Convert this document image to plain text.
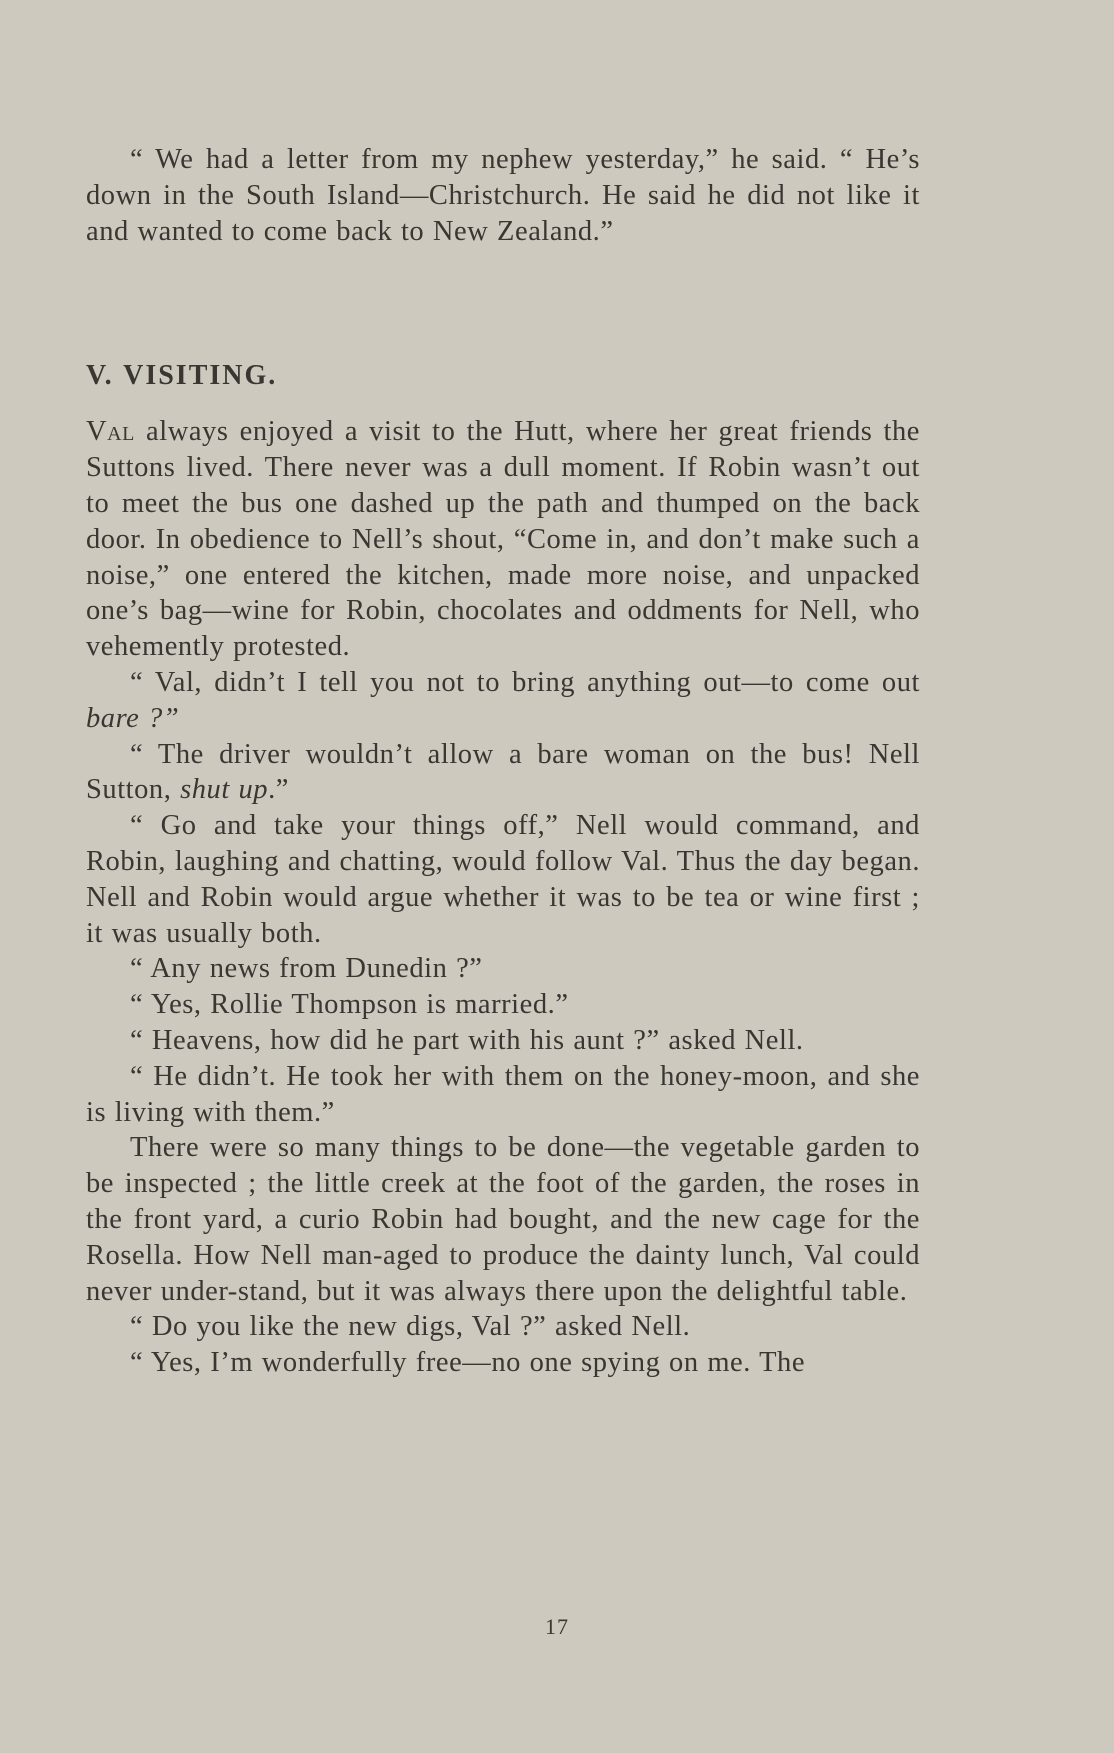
“ We had a letter from my nephew yesterday,” he said. “ He’s down in the South Island—Christchurch. He said he did not like it and wanted to come back to New Zealand.”

V. VISITING.

Val always enjoyed a visit to the Hutt, where her great friends the Suttons lived. There never was a dull moment. If Robin wasn’t out to meet the bus one dashed up the path and thumped on the back door. In obedience to Nell’s shout, “Come in, and don’t make such a noise,” one entered the kitchen, made more noise, and unpacked one’s bag—wine for Robin, chocolates and oddments for Nell, who vehemently protested.

“ Val, didn’t I tell you not to bring anything out—to come out bare ?”

“ The driver wouldn’t allow a bare woman on the bus! Nell Sutton, shut up.”

“ Go and take your things off,” Nell would command, and Robin, laughing and chatting, would follow Val. Thus the day began. Nell and Robin would argue whether it was to be tea or wine first ; it was usually both.

“ Any news from Dunedin ?”

“ Yes, Rollie Thompson is married.”

“ Heavens, how did he part with his aunt ?” asked Nell.

“ He didn’t. He took her with them on the honey-moon, and she is living with them.”

There were so many things to be done—the vegetable garden to be inspected ; the little creek at the foot of the garden, the roses in the front yard, a curio Robin had bought, and the new cage for the Rosella. How Nell man-aged to produce the dainty lunch, Val could never under-stand, but it was always there upon the delightful table.

“ Do you like the new digs, Val ?” asked Nell.

“ Yes, I’m wonderfully free—no one spying on me. The

17
